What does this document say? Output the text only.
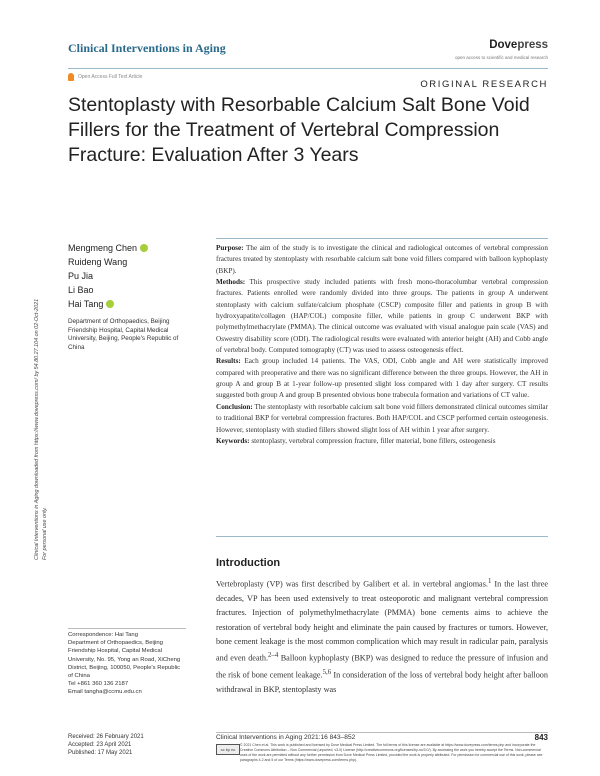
Clinical Interventions in Aging	Dovepress
open access to scientific and medical research
Open Access Full Text Article
ORIGINAL RESEARCH
Stentoplasty with Resorbable Calcium Salt Bone Void Fillers for the Treatment of Vertebral Compression Fracture: Evaluation After 3 Years
Clinical Interventions in Aging downloaded from https://www.dovepress.com/ by 54.80.27.104 on 02-Oct-2021 For personal use only.
Mengmeng Chen
Ruideng Wang
Pu Jia
Li Bao
Hai Tang
Department of Orthopaedics, Beijing Friendship Hospital, Capital Medical University, Beijing, People's Republic of China

Purpose: The aim of the study is to investigate the clinical and radiological outcomes of vertebral compression fractures treated by stentoplasty with resorbable calcium salt bone void fillers compared with balloon kyphoplasty (BKP).

Methods: This prospective study included patients with fresh mono-thoracolumbar vertebral compression fractures. Patients enrolled were randomly divided into three groups. The patients in group A underwent stentoplasty with calcium sulfate/calcium phosphate (CSCP) composite filler and patients in group B with hydroxyapatite/collagen (HAP/COL) composite filler, while patients in group C underwent BKP with polymethylmethacrylate (PMMA). The clinical outcome was evaluated with visual analogue pain scale (VAS) and Oswestry disability score (ODI). The radiological results were evaluated with anterior height (AH) and Cobb angle of vertebral body. Computed tomography (CT) was used to assess osteogenesis effect.

Results: Each group included 14 patients. The VAS, ODI, Cobb angle and AH were statistically improved compared with preoperative and there was no significant difference between the three groups. However, the AH in group A and group B at 1-year follow-up presented slight loss compared with 1 day after surgery. CT results suggested both group A and group B presented obvious bone trabecula formation and variations of CT value.

Conclusion: The stentoplasty with resorbable calcium salt bone void fillers demonstrated clinical outcomes similar to traditional BKP for vertebral compression fractures. Both HAP/COL and CSCP performed certain osteogenesis. However, stentoplasty with studied fillers showed slight loss of AH within 1 year after surgery.

Keywords: stentoplasty, vertebral compression fracture, filler material, bone fillers, osteogenesis

Introduction
Vertebroplasty (VP) was first described by Galibert et al. in vertebral angiomas.$^1$ In the last three decades, VP has been used extensively to treat osteoporotic and malignant vertebral compression fractures. Injection of polymethylmethacrylate (PMMA) bone cements aims to achieve the restoration of vertebral body height and eliminate the pain caused by fractures or tumors. However, bone cement leakage is the most common complication which may result in radicular pain, paralysis and even death.$^{2-4}$ Balloon kyphoplasty (BKP) was designed to reduce the pressure of infusion and the risk of bone cement leakage.$^{5,6}$ In consideration of the loss of vertebral body height after balloon withdrawal in BKP, stentoplasty was
Correspondence: Hai Tang
Department of Orthopaedics, Beijing Friendship Hospital, Capital Medical University, No. 95, Yong an Road, XiCheng District, Beijing, 100050, People's Republic of China
Tel +861 360 136 2187
Email tangha@ccmu.edu.cn
Received: 26 February 2021
Accepted: 23 April 2021
Published: 17 May 2021
Clinical Interventions in Aging 2021:16 843–852	843
cc by nc
© 2021 Chen et al. This work is published and licensed by Dove Medical Press Limited. The full terms of this license are available at https://www.dovepress.com/terms.php and incorporate the Creative Commons Attribution – Non Commercial (unported, v3.0) License (http://creativecommons.org/licenses/by-nc/3.0/). By accessing the work you hereby accept the Terms. Non-commercial uses of the work are permitted without any further permission from Dove Medical Press Limited, provided the work is properly attributed. For permission for commercial use of this work, please see paragraphs 4.2 and 5 of our Terms (https://www.dovepress.com/terms.php).
